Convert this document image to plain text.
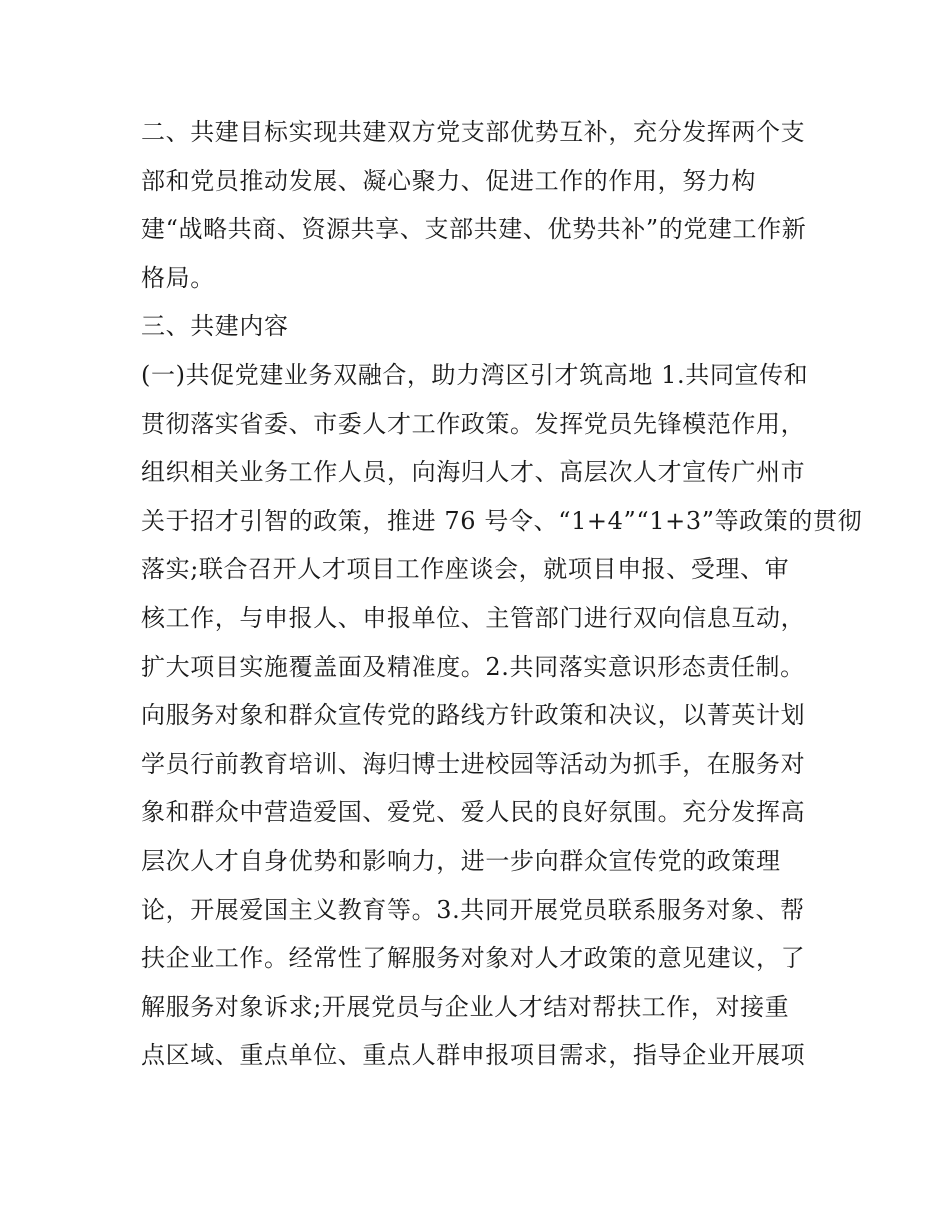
二、共建目标实现共建双方党支部优势互补，充分发挥两个支
部和党员推动发展、凝心聚力、促进工作的作用，努力构
建“战略共商、资源共享、支部共建、优势共补”的党建工作新
格局。
三、共建内容
(一)共促党建业务双融合，助力湾区引才筑高地 1.共同宣传和
贯彻落实省委、市委人才工作政策。发挥党员先锋模范作用，
组织相关业务工作人员，向海归人才、高层次人才宣传广州市
关于招才引智的政策，推进 76 号令、“1+4”“1+3”等政策的贯彻
落实;联合召开人才项目工作座谈会，就项目申报、受理、审
核工作，与申报人、申报单位、主管部门进行双向信息互动，
扩大项目实施覆盖面及精准度。2.共同落实意识形态责任制。
向服务对象和群众宣传党的路线方针政策和决议，以菁英计划
学员行前教育培训、海归博士进校园等活动为抓手，在服务对
象和群众中营造爱国、爱党、爱人民的良好氛围。充分发挥高
层次人才自身优势和影响力，进一步向群众宣传党的政策理
论，开展爱国主义教育等。3.共同开展党员联系服务对象、帮
扶企业工作。经常性了解服务对象对人才政策的意见建议，了
解服务对象诉求;开展党员与企业人才结对帮扶工作，对接重
点区域、重点单位、重点人群申报项目需求，指导企业开展项
